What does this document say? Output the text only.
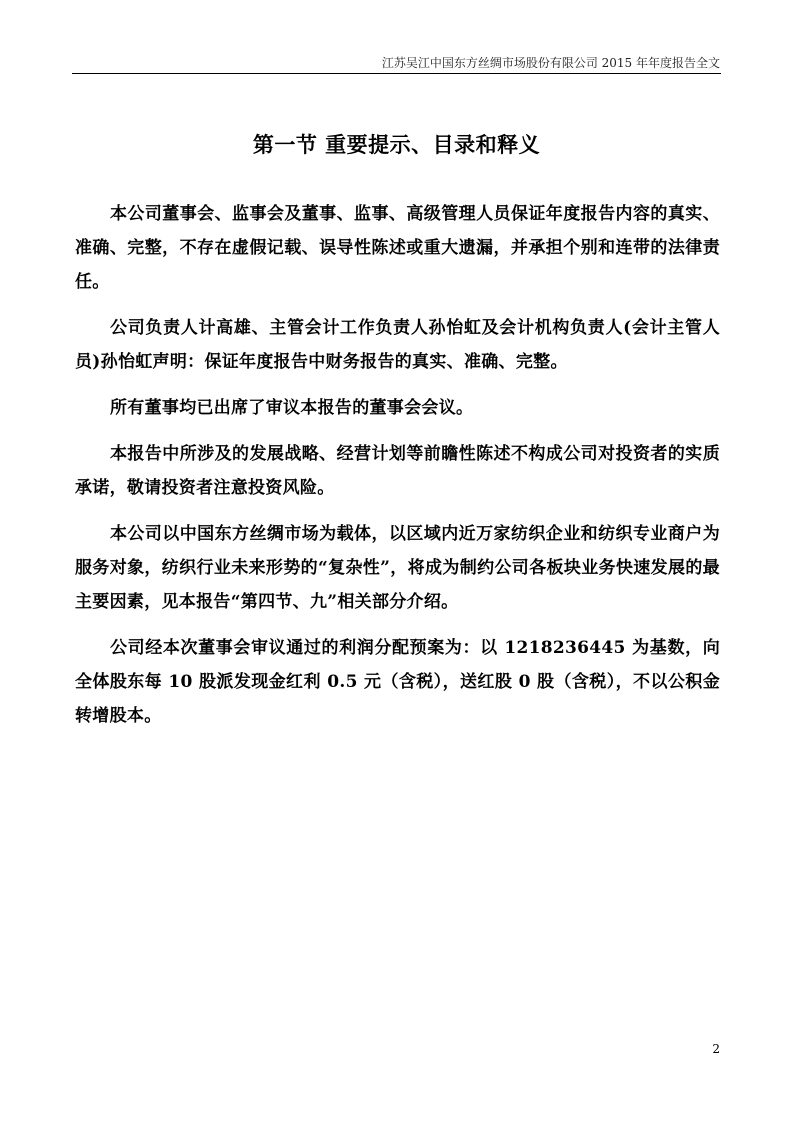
江苏吴江中国东方丝绸市场股份有限公司 2015 年年度报告全文
第一节 重要提示、目录和释义

本公司董事会、监事会及董事、监事、高级管理人员保证年度报告内容的真实、准确、完整，不存在虚假记载、误导性陈述或重大遗漏，并承担个别和连带的法律责任。

公司负责人计高雄、主管会计工作负责人孙怡虹及会计机构负责人(会计主管人员)孙怡虹声明：保证年度报告中财务报告的真实、准确、完整。

所有董事均已出席了审议本报告的董事会会议。

本报告中所涉及的发展战略、经营计划等前瞻性陈述不构成公司对投资者的实质承诺，敬请投资者注意投资风险。

本公司以中国东方丝绸市场为载体，以区域内近万家纺织企业和纺织专业商户为服务对象，纺织行业未来形势的“复杂性”，将成为制约公司各板块业务快速发展的最主要因素，见本报告“第四节、九”相关部分介绍。

公司经本次董事会审议通过的利润分配预案为：以 1218236445 为基数，向全体股东每 10 股派发现金红利 0.5 元（含税），送红股 0 股（含税），不以公积金转增股本。

2
